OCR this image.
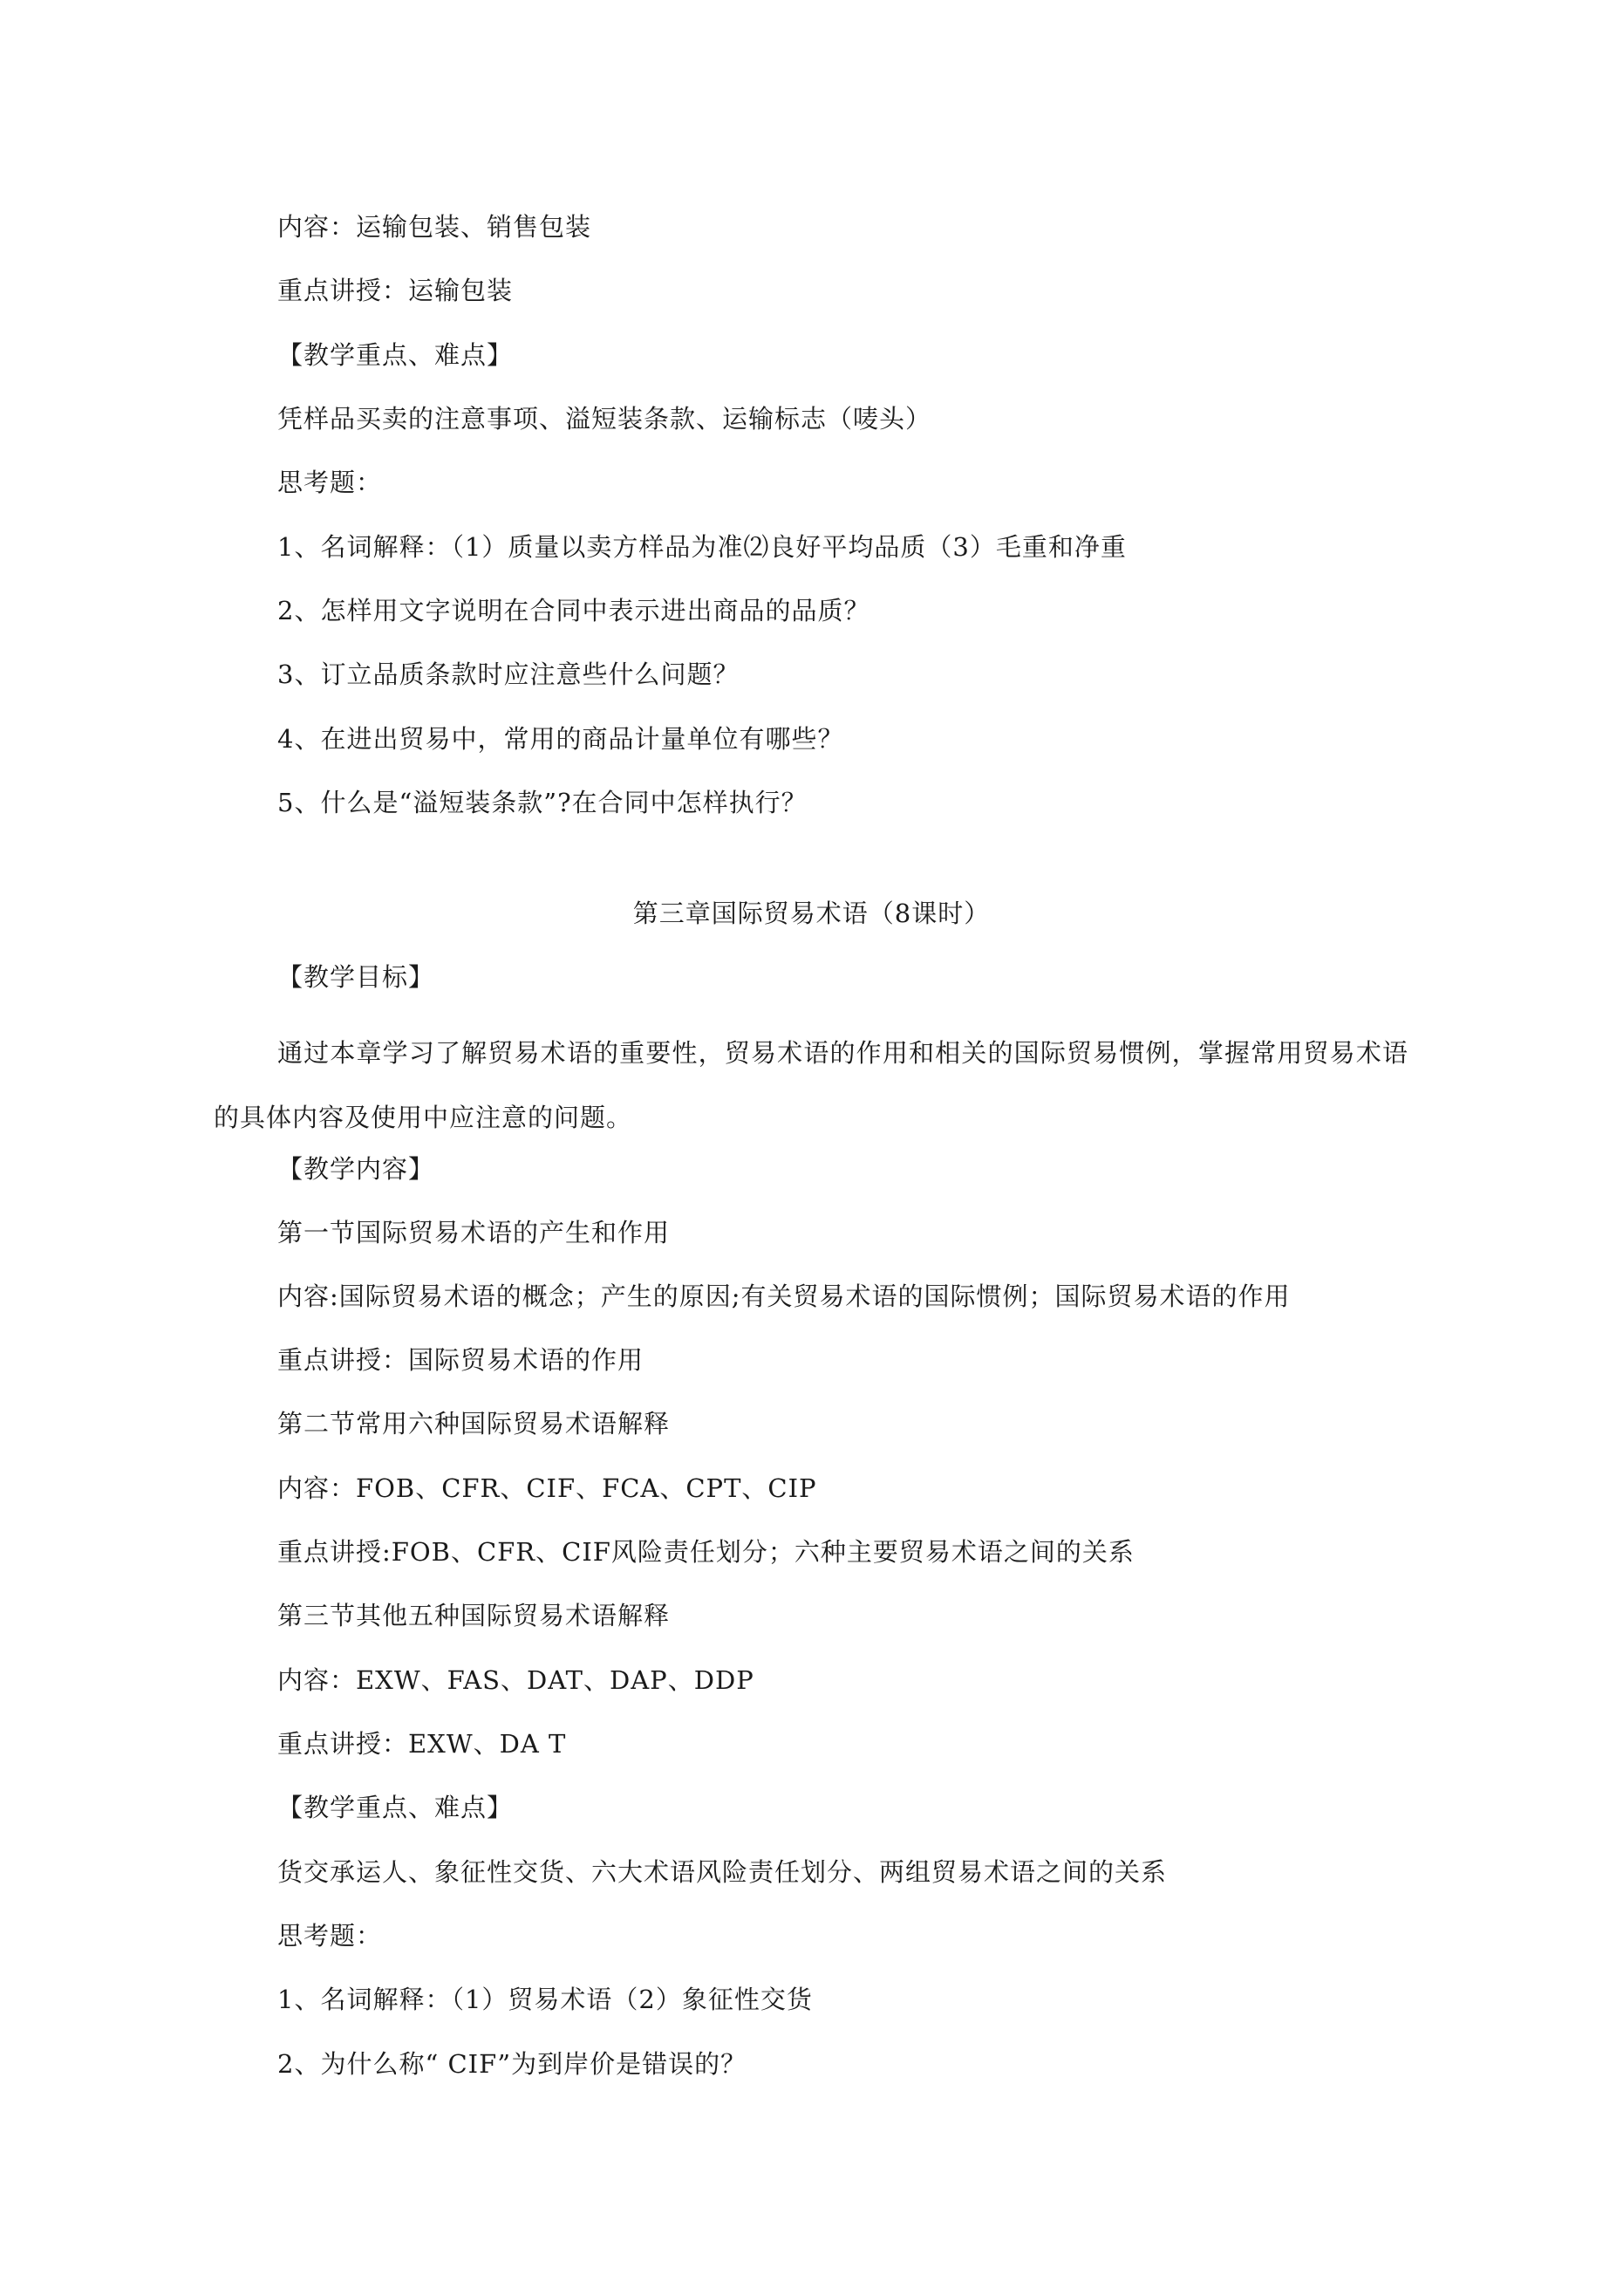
内容：运输包装、销售包装
重点讲授：运输包装
【教学重点、难点】
凭样品买卖的注意事项、溢短装条款、运输标志（唛头）
思考题：
1、名词解释：（1）质量以卖方样品为准⑵良好平均品质（3）毛重和净重
2、怎样用文字说明在合同中表示进出商品的品质？
3、订立品质条款时应注意些什么问题？
4、在进出贸易中，常用的商品计量单位有哪些？
5、什么是“溢短装条款”?在合同中怎样执行？
第三章国际贸易术语（8课时）
【教学目标】
通过本章学习了解贸易术语的重要性，贸易术语的作用和相关的国际贸易惯例，掌握常用贸易术语的具体内容及使用中应注意的问题。
【教学内容】
第一节国际贸易术语的产生和作用
内容:国际贸易术语的概念；产生的原因;有关贸易术语的国际惯例；国际贸易术语的作用
重点讲授：国际贸易术语的作用
第二节常用六种国际贸易术语解释
内容：FOB、CFR、CIF、FCA、CPT、CIP
重点讲授:FOB、CFR、CIF风险责任划分；六种主要贸易术语之间的关系
第三节其他五种国际贸易术语解释
内容：EXW、FAS、DAT、DAP、DDP
重点讲授：EXW、DA T
【教学重点、难点】
货交承运人、象征性交货、六大术语风险责任划分、两组贸易术语之间的关系
思考题：
1、名词解释：（1）贸易术语（2）象征性交货
2、为什么称“ CIF”为到岸价是错误的？
